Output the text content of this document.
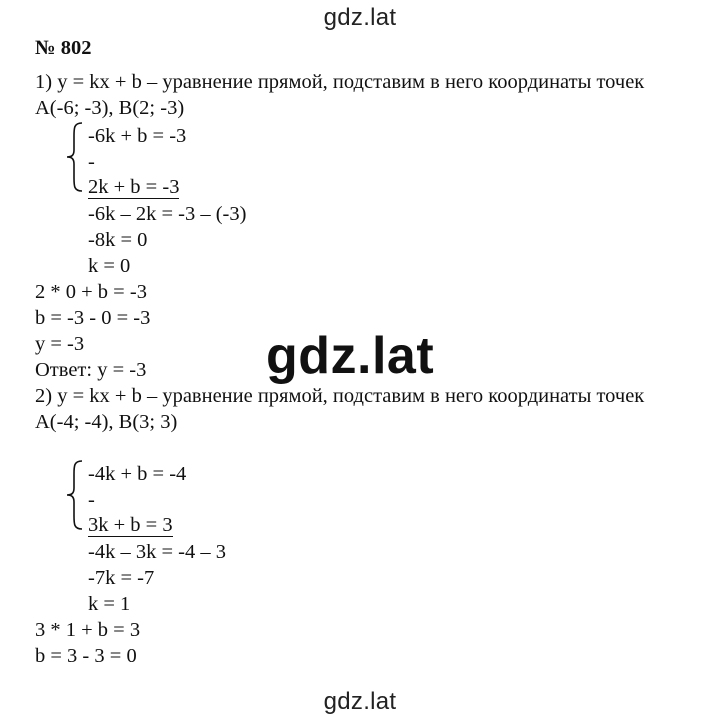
gdz.lat
№ 802
1) y = kx + b – уравнение прямой, подставим в него координаты точек
A(-6; -3), B(2; -3)
-6k + b = -3
-
2k + b = -3
-6k – 2k = -3 – (-3)
-8k = 0
k = 0
2 * 0 + b = -3
b = -3 - 0 = -3
y = -3
Ответ: y = -3
2) y = kx + b – уравнение прямой, подставим в него координаты точек
A(-4; -4), B(3; 3)
-4k + b = -4
-
3k + b = 3
-4k – 3k = -4 – 3
-7k = -7
k = 1
3 * 1 + b = 3
b = 3 - 3 = 0
gdz.lat
gdz.lat
